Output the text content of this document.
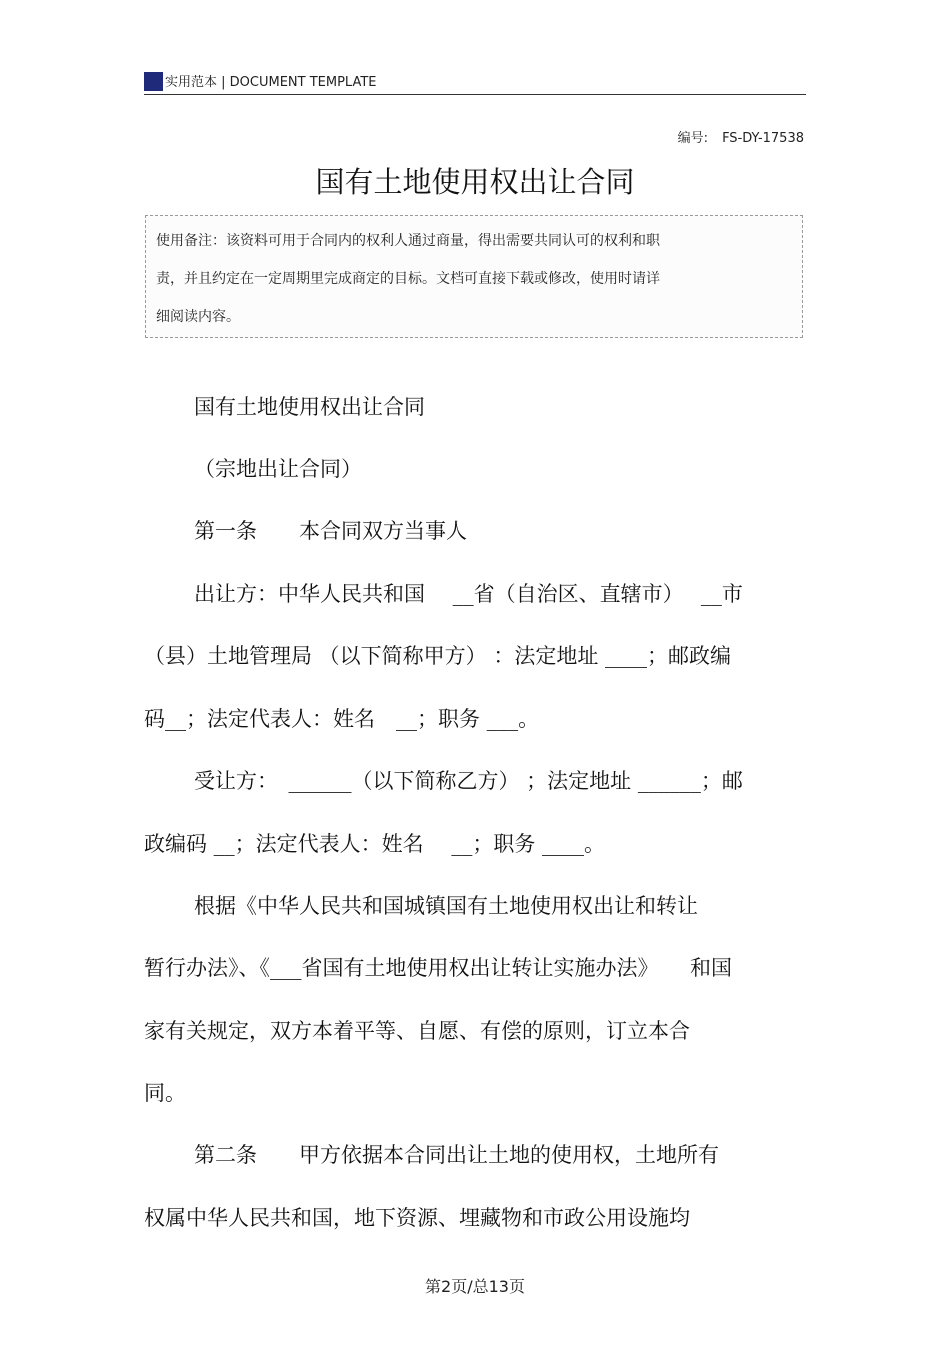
实用范本 | DOCUMENT TEMPLATE
编号: FS-DY-17538
国有土地使用权出让合同
使用备注：该资料可用于合同内的权利人通过商量，得出需要共同认可的权利和职
责，并且约定在一定周期里完成商定的目标。文档可直接下载或修改，使用时请详
细阅读内容。
国有土地使用权出让合同
（宗地出让合同）
第一条　　本合同双方当事人
出让方：中华人民共和国　 __省（自治区、直辖市）　 __市
（县）土地管理局 （以下简称甲方） ：法定地址 ____；邮政编
码__；法定代表人：姓名　__；职务 ___。
受让方：　______（以下简称乙方） ；法定地址 ______；邮
政编码 __；法定代表人：姓名　 __；职务 ____。
根据《中华人民共和国城镇国有土地使用权出让和转让
暂行办法》、《___省国有土地使用权出让转让实施办法》　　和国
家有关规定，双方本着平等、自愿、有偿的原则，订立本合
同。
第二条　　甲方依据本合同出让土地的使用权，土地所有
权属中华人民共和国，地下资源、埋藏物和市政公用设施均
第2页/总13页
